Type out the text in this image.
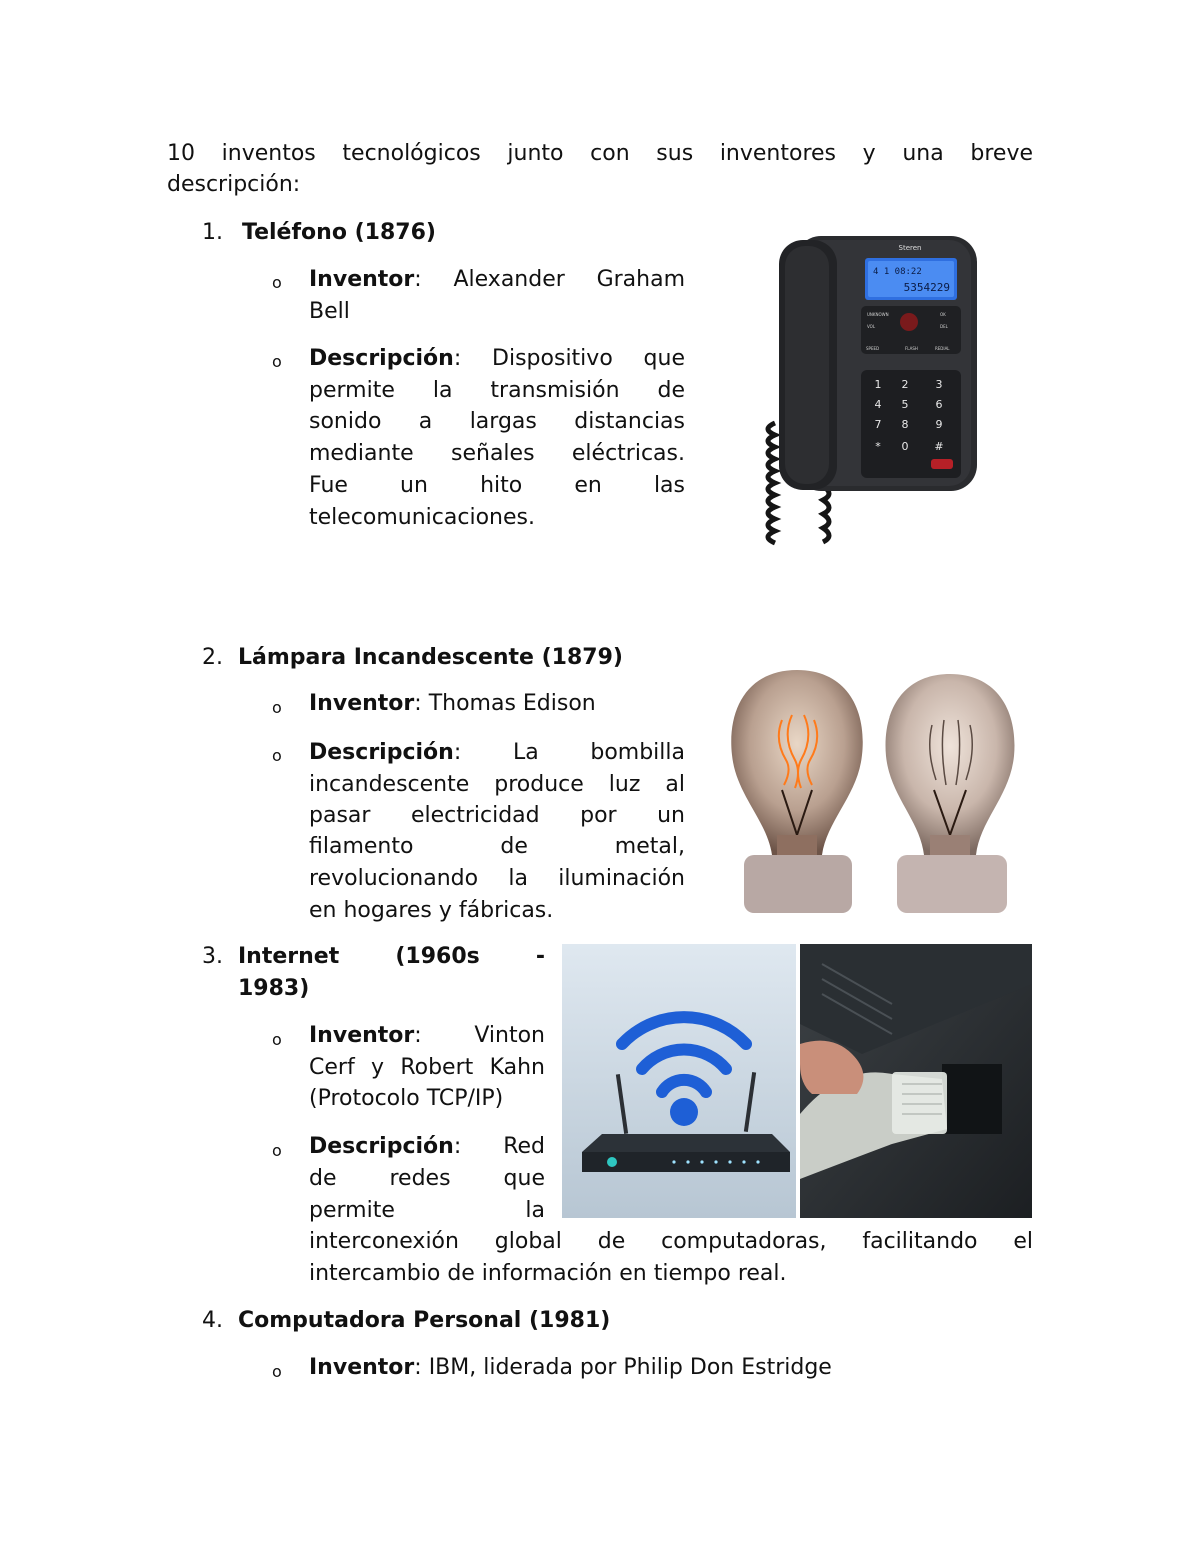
10 inventos tecnológicos junto con sus inventores y una breve
descripción:
1. Teléfono (1876)
o Inventor: Alexander Graham
Bell
o Descripción: Dispositivo que
permite la transmisión de
sonido a largas distancias
mediante señales eléctricas.
Fue un hito en las
telecomunicaciones.
Steren
4 1 08:22
5354229
UNKNOWN
VOL
OK
DEL
SPEED	FLASH	REDIAL
1 2 3
4 5 6
7 8 9
* 0 #
2. Lámpara Incandescente (1879)
o Inventor: Thomas Edison
o Descripción: La bombilla
incandescente produce luz al
pasar electricidad por un
filamento de metal,
revolucionando la iluminación
en hogares y fábricas.
3. Internet (1960s -
1983)
o Inventor: Vinton
Cerf y Robert Kahn
(Protocolo TCP/IP)
o Descripción: Red
de redes que
permite la
interconexión global de computadoras, facilitando el
intercambio de información en tiempo real.
4. Computadora Personal (1981)
o Inventor: IBM, liderada por Philip Don Estridge
